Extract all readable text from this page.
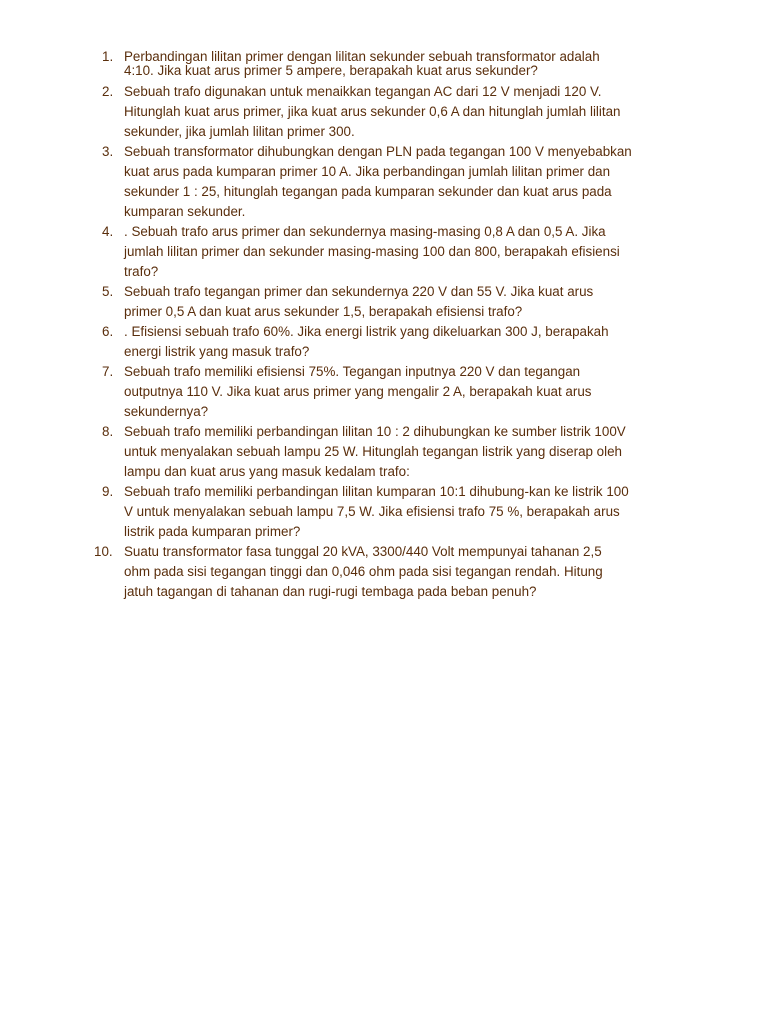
1. Perbandingan lilitan primer dengan lilitan sekunder sebuah transformator adalah
4:10. Jika kuat arus primer 5 ampere, berapakah kuat arus sekunder?
2. Sebuah trafo digunakan untuk menaikkan tegangan AC dari 12 V menjadi 120 V.
Hitunglah kuat arus primer, jika kuat arus sekunder 0,6 A dan hitunglah jumlah lilitan
sekunder, jika jumlah lilitan primer 300.
3. Sebuah transformator dihubungkan dengan PLN pada tegangan 100 V menyebabkan
kuat arus pada kumparan primer 10 A. Jika perbandingan jumlah lilitan primer dan
sekunder 1 : 25, hitunglah tegangan pada kumparan sekunder dan kuat arus pada
kumparan sekunder.
4. . Sebuah trafo arus primer dan sekundernya masing-masing 0,8 A dan 0,5 A. Jika
jumlah lilitan primer dan sekunder masing-masing 100 dan 800, berapakah efisiensi
trafo?
5. Sebuah trafo tegangan primer dan sekundernya 220 V dan 55 V. Jika kuat arus
primer 0,5 A dan kuat arus sekunder 1,5, berapakah efisiensi trafo?
6. . Efisiensi sebuah trafo 60%. Jika energi listrik yang dikeluarkan 300 J, berapakah
energi listrik yang masuk trafo?
7. Sebuah trafo memiliki efisiensi 75%. Tegangan inputnya 220 V dan tegangan
outputnya 110 V. Jika kuat arus primer yang mengalir 2 A, berapakah kuat arus
sekundernya?
8. Sebuah trafo memiliki perbandingan lilitan 10 : 2 dihubungkan ke sumber listrik 100V
untuk menyalakan sebuah lampu 25 W. Hitunglah tegangan listrik yang diserap oleh
lampu dan kuat arus yang masuk kedalam trafo:
9. Sebuah trafo memiliki perbandingan lilitan kumparan 10:1 dihubung-kan ke listrik 100
V untuk menyalakan sebuah lampu 7,5 W. Jika efisiensi trafo 75 %, berapakah arus
listrik pada kumparan primer?
10. Suatu transformator fasa tunggal 20 kVA, 3300/440 Volt mempunyai tahanan 2,5
ohm pada sisi tegangan tinggi dan 0,046 ohm pada sisi tegangan rendah. Hitung
jatuh tagangan di tahanan dan rugi-rugi tembaga pada beban penuh?
